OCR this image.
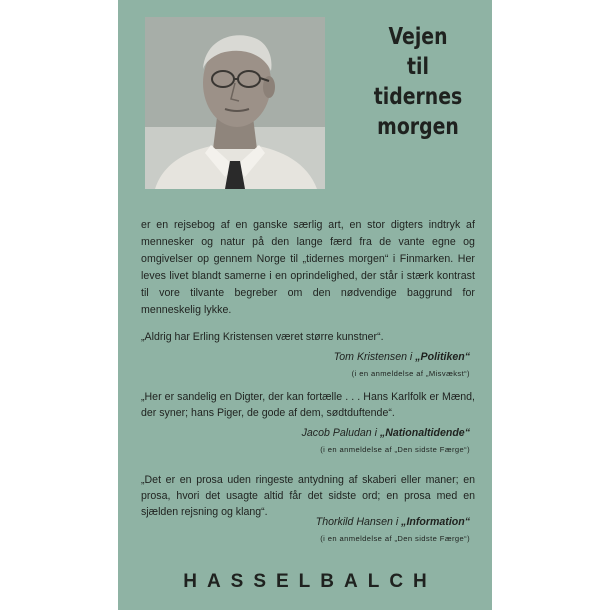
Vejen
til
tidernes
morgen
er en rejsebog af en ganske særlig art, en stor digters indtryk af mennesker og natur på den lange færd fra de vante egne og omgivelser op gennem Norge til „tidernes morgen“ i Finmarken. Her leves livet blandt samerne i en oprindelighed, der står i stærk kontrast til vore tilvante begreber om den nødvendige baggrund for menneskelig lykke.
„Aldrig har Erling Kristensen været større kunstner“.
Tom Kristensen i „Politiken“
(i en anmeldelse af „Misvækst“)
„Her er sandelig en Digter, der kan fortælle . . . Hans Karlfolk er Mænd, der syner; hans Piger, de gode af dem, sødtduftende“.
Jacob Paludan i „Nationaltidende“
(i en anmeldelse af „Den sidste Færge“)
„Det er en prosa uden ringeste antydning af skaberi eller maner; en prosa, hvori det usagte altid får det sidste ord; en prosa med en sjælden rejsning og klang“.
Thorkild Hansen i „Information“
(i en anmeldelse af „Den sidste Færge“)
HASSELBALCH
